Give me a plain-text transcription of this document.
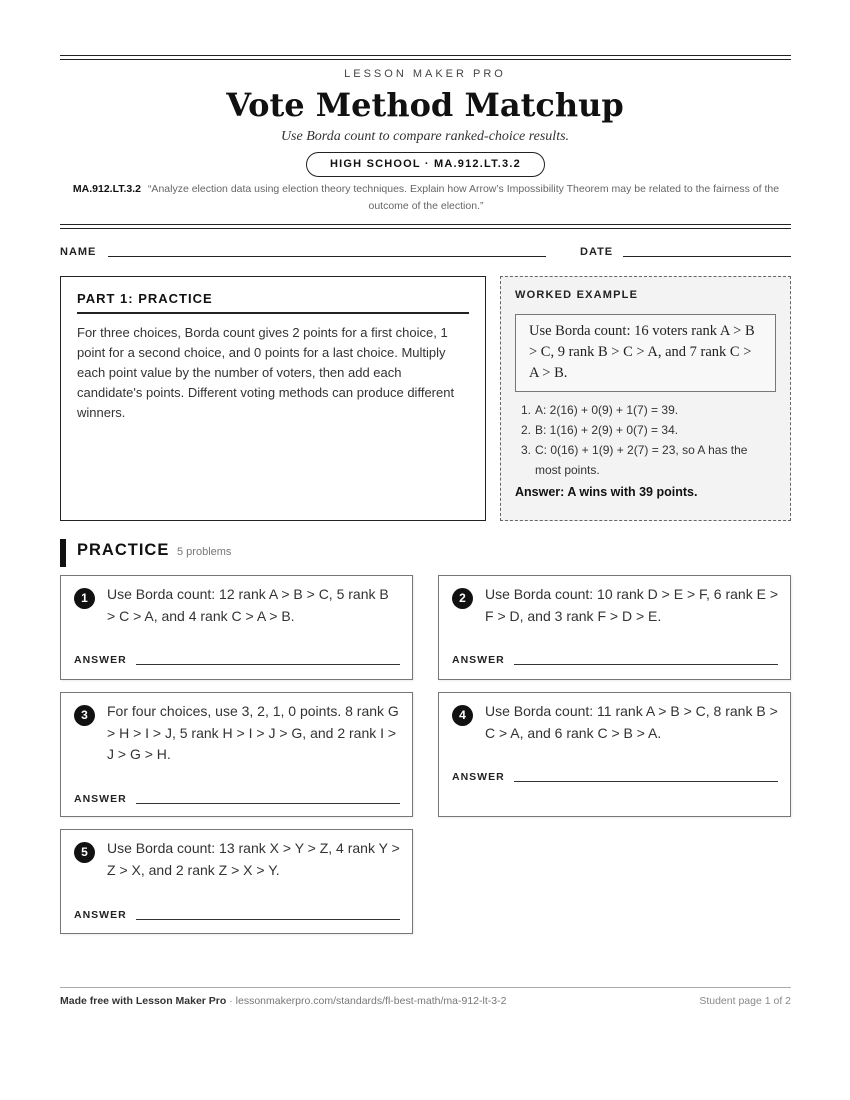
LESSON MAKER PRO
Vote Method Matchup
Use Borda count to compare ranked-choice results.
HIGH SCHOOL · MA.912.LT.3.2
MA.912.LT.3.2 “Analyze election data using election theory techniques. Explain how Arrow’s Impossibility Theorem may be related to the fairness of the outcome of the election.”
NAME	DATE
PART 1: PRACTICE
For three choices, Borda count gives 2 points for a first choice, 1 point for a second choice, and 0 points for a last choice. Multiply each point value by the number of voters, then add each candidate's points. Different voting methods can produce different winners.
WORKED EXAMPLE
Use Borda count: 16 voters rank A > B > C, 9 rank B > C > A, and 7 rank C > A > B.
1. A: 2(16) + 0(9) + 1(7) = 39.
2. B: 1(16) + 2(9) + 0(7) = 34.
3. C: 0(16) + 1(9) + 2(7) = 23, so A has the most points.
Answer: A wins with 39 points.
PRACTICE 5 problems
1	Use Borda count: 12 rank A > B > C, 5 rank B > C > A, and 4 rank C > A > B.
ANSWER
2	Use Borda count: 10 rank D > E > F, 6 rank E > F > D, and 3 rank F > D > E.
ANSWER
3	For four choices, use 3, 2, 1, 0 points. 8 rank G > H > I > J, 5 rank H > I > J > G, and 2 rank I > J > G > H.
ANSWER
4	Use Borda count: 11 rank A > B > C, 8 rank B > C > A, and 6 rank C > B > A.
ANSWER
5	Use Borda count: 13 rank X > Y > Z, 4 rank Y > Z > X, and 2 rank Z > X > Y.
ANSWER
Made free with Lesson Maker Pro · lessonmakerpro.com/standards/fl-best-math/ma-912-lt-3-2	Student page 1 of 2
